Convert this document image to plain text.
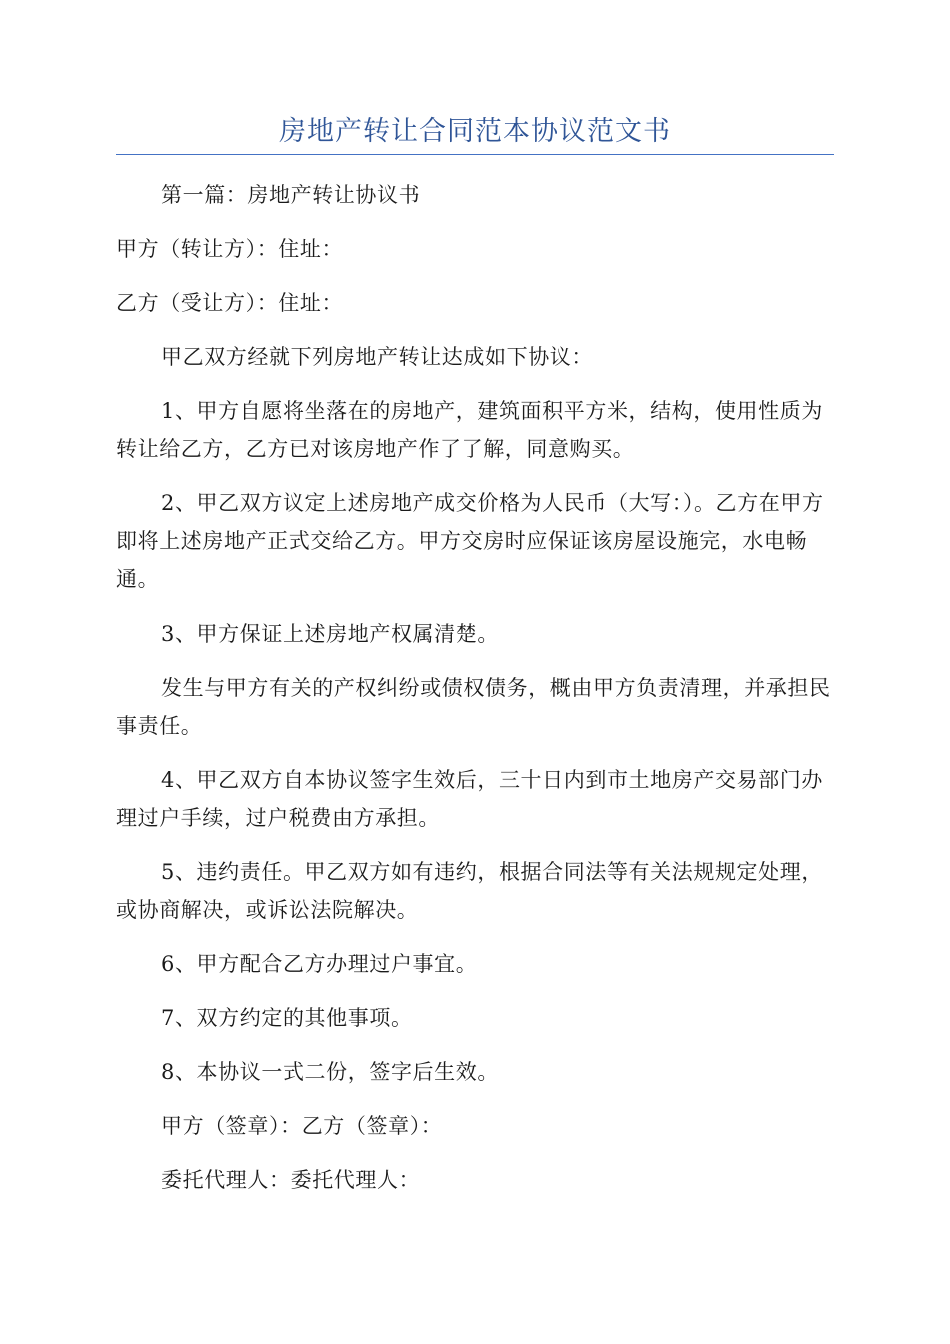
房地产转让合同范本协议范文书
第一篇：房地产转让协议书
甲方（转让方）：住址：
乙方（受让方）：住址：
甲乙双方经就下列房地产转让达成如下协议：
1、甲方自愿将坐落在的房地产，建筑面积平方米，结构，使用性质为转让给乙方，乙方已对该房地产作了了解，同意购买。
2、甲乙双方议定上述房地产成交价格为人民币（大写：）。乙方在甲方即将上述房地产正式交给乙方。甲方交房时应保证该房屋设施完，水电畅通。
3、甲方保证上述房地产权属清楚。
发生与甲方有关的产权纠纷或债权债务，概由甲方负责清理，并承担民事责任。
4、甲乙双方自本协议签字生效后，三十日内到市土地房产交易部门办理过户手续，过户税费由方承担。
5、违约责任。甲乙双方如有违约，根据合同法等有关法规规定处理，或协商解决，或诉讼法院解决。
6、甲方配合乙方办理过户事宜。
7、双方约定的其他事项。
8、本协议一式二份，签字后生效。
甲方（签章）：乙方（签章）：
委托代理人：委托代理人：
